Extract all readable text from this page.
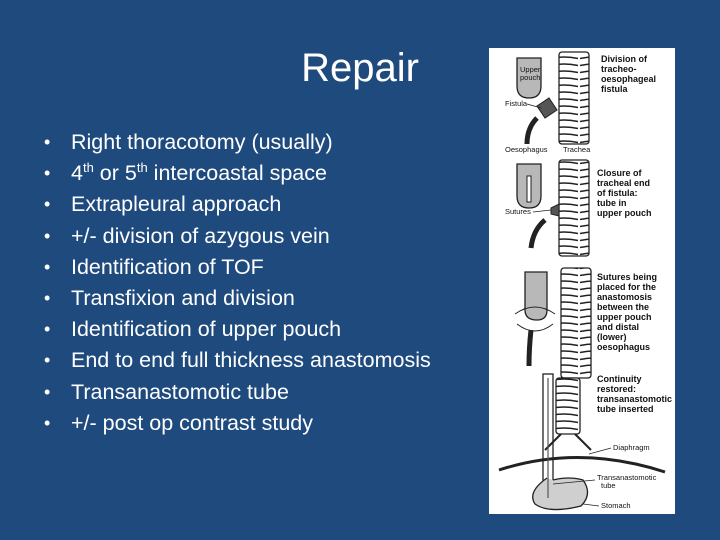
Repair
• Right thoracotomy (usually)
• 4th or 5th intercoastal space
• Extrapleural approach
• +/- division of azygous vein
• Identification of TOF
• Transfixion and division
• Identification of upper pouch
• End to end full thickness anastomosis
• Transanastomotic tube
• +/- post op contrast study
Upper pouch
Fistula
Oesophagus Trachea
Division of tracheo- oesophageal fistula
Sutures
Closure of tracheal end of fistula: tube in upper pouch
Sutures being placed for the anastomosis between the upper pouch and distal (lower) oesophagus
Continuity restored: transanastomotic tube inserted
Diaphragm
Transanastomotic tube
Stomach
